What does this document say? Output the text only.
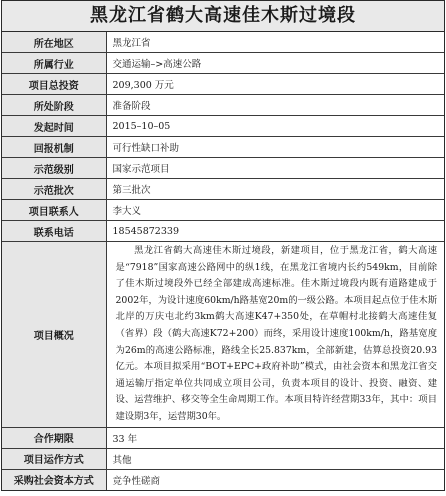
黑龙江省鹤大高速佳木斯过境段
所在地区	黑龙江省
所属行业	交通运输–>高速公路
项目总投资	209,300 万元
所处阶段	准备阶段
发起时间	2015–10–05
回报机制	可行性缺口补助
示范级别	国家示范项目
示范批次	第三批次
项目联系人	李大义
联系电话	18545872339
项目概况	黑龙江省鹤大高速佳木斯过境段，新建项目，位于黑龙江省，鹤大高速是“7918”国家高速公路网中的纵1线，在黑龙江省境内长约549km，目前除了佳木斯过境段外已经全部建成高速标准。佳木斯过境段内既有道路建成于2002年，为设计速度60km/h路基宽20m的一级公路。本项目起点位于佳木斯北岸的万庆屯北约3km鹤大高速K47+350处，在草帽村北接鹤大高速佳复（省界）段（鹤大高速K72+200）而终，采用设计速度100km/h，路基宽度为26m的高速公路标准，路线全长25.837km，全部新建，估算总投资20.93亿元。本项目拟采用“BOT+EPC+政府补助”模式，由社会资本和黑龙江省交通运输厅指定单位共同成立项目公司，负责本项目的设计、投资、融资、建设、运营维护、移交等全生命周期工作。本项目特许经营期33年，其中：项目建设期3年，运营期30年。

合作期限	33 年
项目运作方式	其他
采购社会资本方式	竞争性磋商
